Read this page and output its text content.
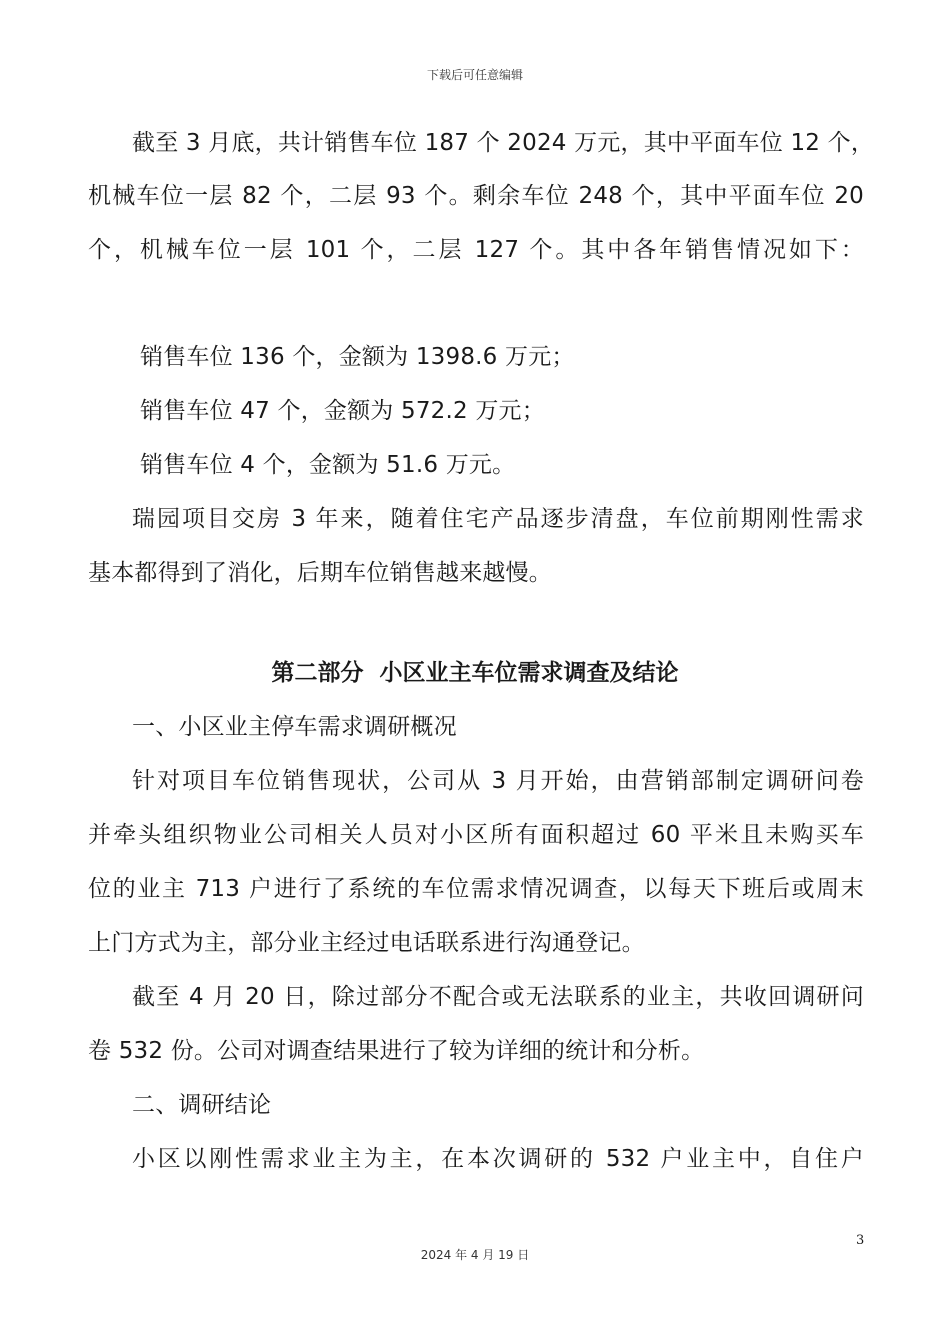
下载后可任意编辑
截至 3 月底，共计销售车位 187 个 2024 万元，其中平面车位 12 个，
机械车位一层 82 个，二层 93 个。剩余车位 248 个，其中平面车位 20
个，机械车位一层 101 个，二层 127 个。其中各年销售情况如下：
销售车位 136 个，金额为 1398.6 万元；
销售车位 47 个，金额为 572.2 万元；
销售车位 4 个，金额为 51.6 万元。
瑞园项目交房 3 年来，随着住宅产品逐步清盘，车位前期刚性需求
基本都得到了消化，后期车位销售越来越慢。
第二部分  小区业主车位需求调查及结论
一、小区业主停车需求调研概况
针对项目车位销售现状，公司从 3 月开始，由营销部制定调研问卷
并牵头组织物业公司相关人员对小区所有面积超过 60 平米且未购买车
位的业主 713 户进行了系统的车位需求情况调查，以每天下班后或周末
上门方式为主，部分业主经过电话联系进行沟通登记。
截至 4 月 20 日，除过部分不配合或无法联系的业主，共收回调研问
卷 532 份。公司对调查结果进行了较为详细的统计和分析。
二、调研结论
小区以刚性需求业主为主，在本次调研的 532 户业主中，自住户
3
2024 年 4 月 19 日
